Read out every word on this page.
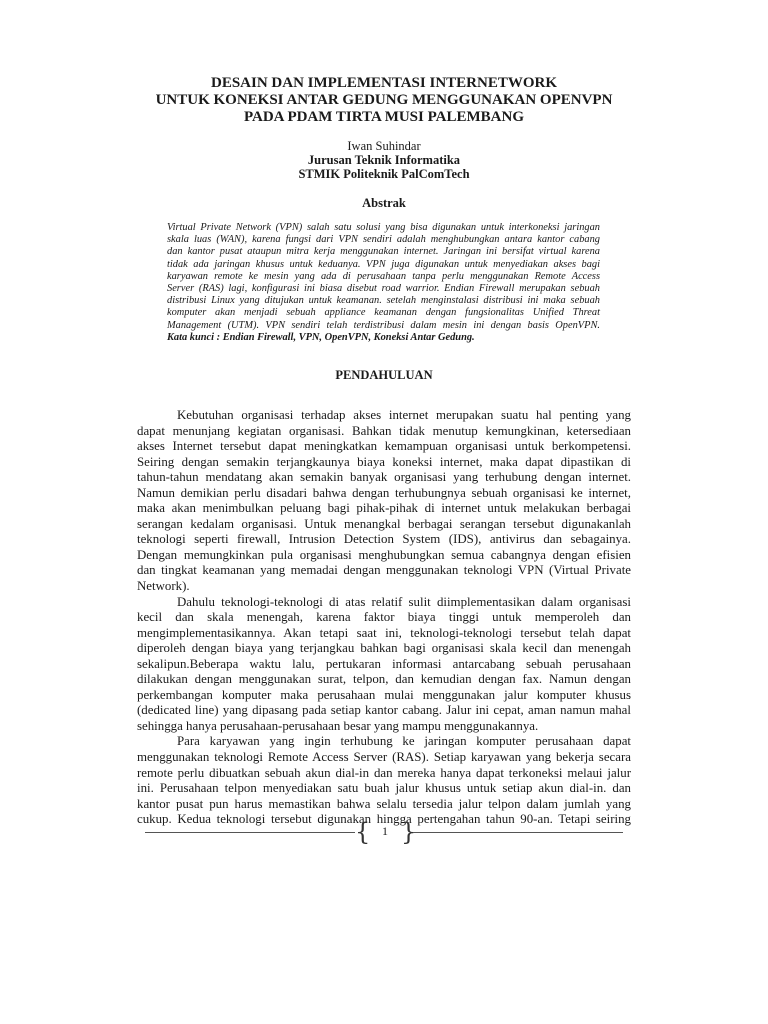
DESAIN DAN IMPLEMENTASI INTERNETWORK
UNTUK KONEKSI ANTAR GEDUNG MENGGUNAKAN OPENVPN
PADA PDAM TIRTA MUSI PALEMBANG
Iwan Suhindar
Jurusan Teknik Informatika
STMIK Politeknik PalComTech
Abstrak
Virtual Private Network (VPN) salah satu solusi yang bisa digunakan untuk interkoneksi jaringan
skala luas (WAN), karena fungsi dari VPN sendiri adalah menghubungkan antara kantor cabang
dan kantor pusat ataupun mitra kerja menggunakan internet. Jaringan ini bersifat virtual karena
tidak ada jaringan khusus untuk keduanya. VPN juga digunakan untuk menyediakan akses bagi
karyawan remote ke mesin yang ada di perusahaan tanpa perlu menggunakan Remote Access
Server (RAS) lagi, konfigurasi ini biasa disebut road warrior. Endian Firewall merupakan sebuah
distribusi Linux yang ditujukan untuk keamanan. setelah menginstalasi distribusi ini maka sebuah
komputer akan menjadi sebuah appliance keamanan dengan fungsionalitas Unified Threat
Management (UTM). VPN sendiri telah terdistribusi dalam mesin ini dengan basis OpenVPN.
Kata kunci : Endian Firewall, VPN, OpenVPN, Koneksi Antar Gedung.
PENDAHULUAN
Kebutuhan organisasi terhadap akses internet merupakan suatu hal penting yang
dapat menunjang kegiatan organisasi. Bahkan tidak menutup kemungkinan, ketersediaan
akses Internet tersebut dapat meningkatkan kemampuan organisasi untuk berkompetensi.
Seiring dengan semakin terjangkaunya biaya koneksi internet, maka dapat dipastikan di
tahun-tahun mendatang akan semakin banyak organisasi yang terhubung dengan internet.
Namun demikian perlu disadari bahwa dengan terhubungnya sebuah organisasi ke internet,
maka akan menimbulkan peluang bagi pihak-pihak di internet untuk melakukan berbagai
serangan kedalam organisasi. Untuk menangkal berbagai serangan tersebut digunakanlah
teknologi seperti firewall, Intrusion Detection System (IDS), antivirus dan sebagainya.
Dengan memungkinkan pula organisasi menghubungkan semua cabangnya dengan efisien
dan tingkat keamanan yang memadai dengan menggunakan teknologi VPN (Virtual Private
Network).
Dahulu teknologi-teknologi di atas relatif sulit diimplementasikan dalam organisasi
kecil dan skala menengah, karena faktor biaya tinggi untuk memperoleh dan
mengimplementasikannya. Akan tetapi saat ini, teknologi-teknologi tersebut telah dapat
diperoleh dengan biaya yang terjangkau bahkan bagi organisasi skala kecil dan menengah
sekalipun.Beberapa waktu lalu, pertukaran informasi antarcabang sebuah perusahaan
dilakukan dengan menggunakan surat, telpon, dan kemudian dengan fax. Namun dengan
perkembangan komputer maka perusahaan mulai menggunakan jalur komputer khusus
(dedicated line) yang dipasang pada setiap kantor cabang. Jalur ini cepat, aman namun mahal
sehingga hanya perusahaan-perusahaan besar yang mampu menggunakannya.
Para karyawan yang ingin terhubung ke jaringan komputer perusahaan dapat
menggunakan teknologi Remote Access Server (RAS). Setiap karyawan yang bekerja secara
remote perlu dibuatkan sebuah akun dial-in dan mereka hanya dapat terkoneksi melaui jalur
ini. Perusahaan telpon menyediakan satu buah jalur khusus untuk setiap akun dial-in. dan
kantor pusat pun harus memastikan bahwa selalu tersedia jalur telpon dalam jumlah yang
cukup. Kedua teknologi tersebut digunakan hingga pertengahan tahun 90-an. Tetapi seiring
{ 1 }
